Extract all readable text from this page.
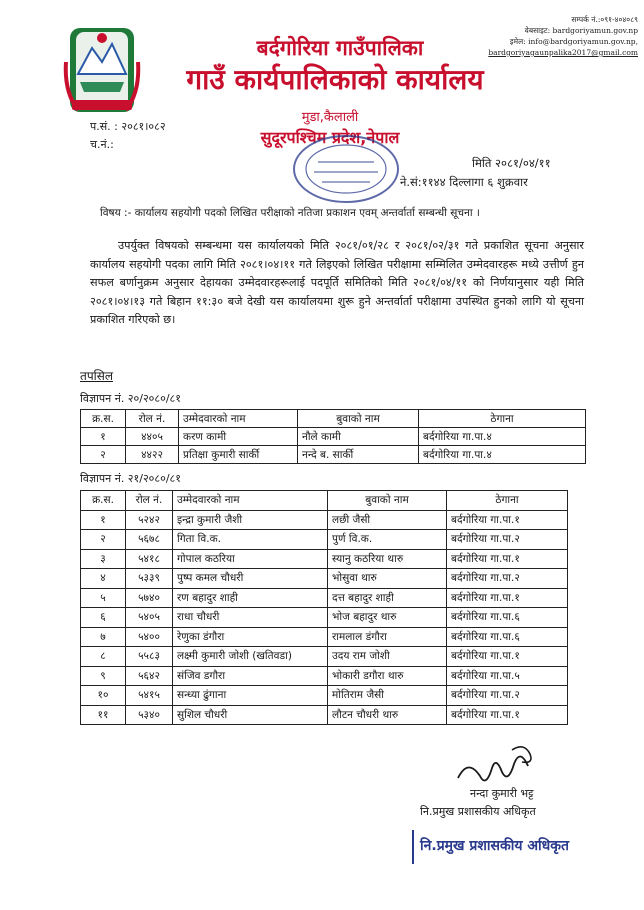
बर्दगोरिया गाउँपालिका
गाउँ कार्यपालिकाको कार्यालय
सम्पर्क नं.:०९१-४०४०८९
वेबसाइट: bardgoriyamun.gov.np
इमेल: info@bardgoriyamun.gov.np,
bardgoriyagaunpalika2017@gmail.com
मुडा,कैलाली
सुदूरपश्चिम प्रदेश,नेपाल
प.सं. : २०८१।०८२
च.नं.:
मिति २०८१/०४/११
ने.सं:११४४ दिल्लागा ६ शुक्रवार
विषय :- कार्यालय सहयोगी पदको लिखित परीक्षाको नतिजा प्रकाशन एवम् अन्तर्वार्ता सम्बन्धी सूचना ।
उपर्युक्त विषयको सम्बन्धमा यस कार्यालयको मिति २०८१/०१/२८ र २०८१/०२/३१ गते प्रकाशित सूचना अनुसार कार्यालय सहयोगी पदका लागि मिति २०८१।०४।११ गते लिइएको लिखित परीक्षामा सम्मिलित उम्मेदवारहरू मध्ये उत्तीर्ण हुन सफल बर्णानुक्रम अनुसार देहायका उम्मेदवारहरूलाई पदपूर्ति समितिको मिति २०८१/०४/११ को निर्णयानुसार यही मिति २०८१।०४।१३ गते बिहान ११:३० बजे देखी यस कार्यालयमा शुरू हुने अन्तर्वार्ता परीक्षामा उपस्थित हुनको लागि यो सूचना प्रकाशित गरिएको छ।
तपसिल
विज्ञापन नं. २०/२०८०/८१
क्र.स.	रोल नं.	उम्मेदवारको नाम	बुवाको नाम	ठेगाना
१	४४०५	करण कामी	नौले कामी	बर्दगोरिया गा.पा.४
२	४४२२	प्रतिक्षा कुमारी सार्की	नन्दे ब. सार्की	बर्दगोरिया गा.पा.४
विज्ञापन नं. २१/२०८०/८१
क्र.स.	रोल नं.	उम्मेदवारको नाम	बुवाको नाम	ठेगाना
१	५२४२	इन्द्रा कुमारी जैशी	लछी जैसी	बर्दगोरिया गा.पा.१
२	५६७८	गिता वि.क.	पुर्ण वि.क.	बर्दगोरिया गा.पा.२
३	५४१८	गोपाल कठरिया	स्यानु कठरिया थारु	बर्दगोरिया गा.पा.१
४	५३३९	पुष्प कमल चौधरी	भोसुवा थारु	बर्दगोरिया गा.पा.२
५	५७४०	रण बहादुर शाही	दत्त बहादुर शाही	बर्दगोरिया गा.पा.१
६	५४०५	राधा चौधरी	भोज बहादुर थारु	बर्दगोरिया गा.पा.६
७	५४००	रेणुका डंगौरा	रामलाल डंगौरा	बर्दगोरिया गा.पा.६
८	५५८३	लक्ष्मी कुमारी जोशी (खतिवडा)	उदय राम जोशी	बर्दगोरिया गा.पा.१
९	५६४२	संजिव डगौरा	भोकारी डगौरा थारु	बर्दगोरिया गा.पा.५
१०	५४१५	सन्ध्या ढुंगाना	मोतिराम जैसी	बर्दगोरिया गा.पा.२
११	५३४०	सुशिल चौधरी	लौटन चौधरी थारु	बर्दगोरिया गा.पा.१
नन्दा कुमारी भट्ट
नि.प्रमुख प्रशासकीय अधिकृत
नि.प्रमुख प्रशासकीय अधिकृत
